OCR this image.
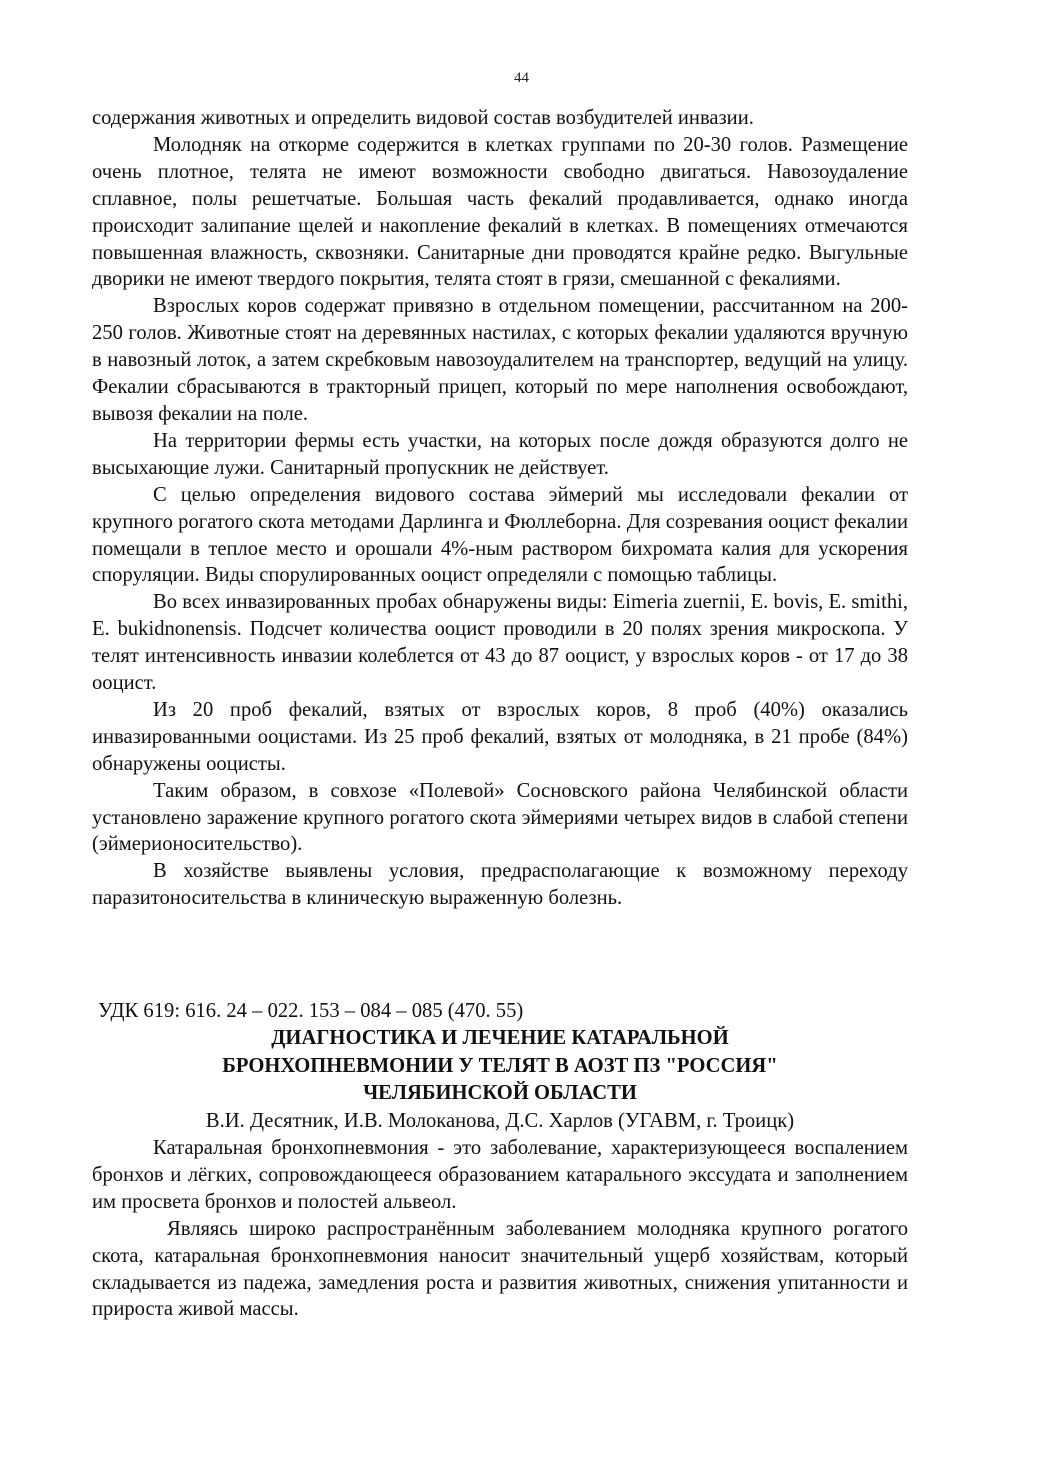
44

содержания животных и определить видовой состав возбудителей инвазии.

Молодняк на откорме содержится в клетках группами по 20-30 голов. Размещение очень плотное, телята не имеют возможности свободно двигаться. Навозоудаление сплавное, полы решетчатые. Большая часть фекалий продавливается, однако иногда происходит залипание щелей и накопление фекалий в клетках. В помещениях отмечаются повышенная влажность, сквозняки. Санитарные дни проводятся крайне редко. Выгульные дворики не имеют твердого покрытия, телята стоят в грязи, смешанной с фекалиями.

Взрослых коров содержат привязно в отдельном помещении, рассчитанном на 200-250 голов. Животные стоят на деревянных настилах, с которых фекалии удаляются вручную в навозный лоток, а затем скребковым навозоудалителем на транспортер, ведущий на улицу. Фекалии сбрасываются в тракторный прицеп, который по мере наполнения освобождают, вывозя фекалии на поле.

На территории фермы есть участки, на которых после дождя образуются долго не высыхающие лужи. Санитарный пропускник не действует.

С целью определения видового состава эймерий мы исследовали фекалии от крупного рогатого скота методами Дарлинга и Фюллеборна. Для созревания ооцист фекалии помещали в теплое место и орошали 4%-ным раствором бихромата калия для ускорения споруляции. Виды спорулированных ооцист определяли с помощью таблицы.

Во всех инвазированных пробах обнаружены виды: Eimeria zuernii, E. bovis, E. smithi, E. bukidnonensis. Подсчет количества ооцист проводили в 20 полях зрения микроскопа. У телят интенсивность инвазии колеблется от 43 до 87 ооцист, у взрослых коров - от 17 до 38 ооцист.

Из 20 проб фекалий, взятых от взрослых коров, 8 проб (40%) оказались инвазированными ооцистами. Из 25 проб фекалий, взятых от молодняка, в 21 пробе (84%) обнаружены ооцисты.

Таким образом, в совхозе «Полевой» Сосновского района Челябинской области установлено заражение крупного рогатого скота эймериями четырех видов в слабой степени (эймерионосительство).

В хозяйстве выявлены условия, предрасполагающие к возможному переходу паразитоносительства в клиническую выраженную болезнь.

УДК 619: 616. 24 – 022. 153 – 084 – 085 (470. 55)

ДИАГНОСТИКА И ЛЕЧЕНИЕ КАТАРАЛЬНОЙ

БРОНХОПНЕВМОНИИ У ТЕЛЯТ В АОЗТ ПЗ "РОССИЯ"

ЧЕЛЯБИНСКОЙ ОБЛАСТИ

В.И. Десятник, И.В. Молоканова, Д.С. Харлов (УГАВМ, г. Троицк)

Катаральная бронхопневмония - это заболевание, характеризующееся воспалением бронхов и лёгких, сопровождающееся образованием катарального экссудата и заполнением им просвета бронхов и полостей альвеол.

Являясь широко распространённым заболеванием молодняка крупного рогатого скота, катаральная бронхопневмония наносит значительный ущерб хозяйствам, который складывается из падежа, замедления роста и развития животных, снижения упитанности и прироста живой массы.
